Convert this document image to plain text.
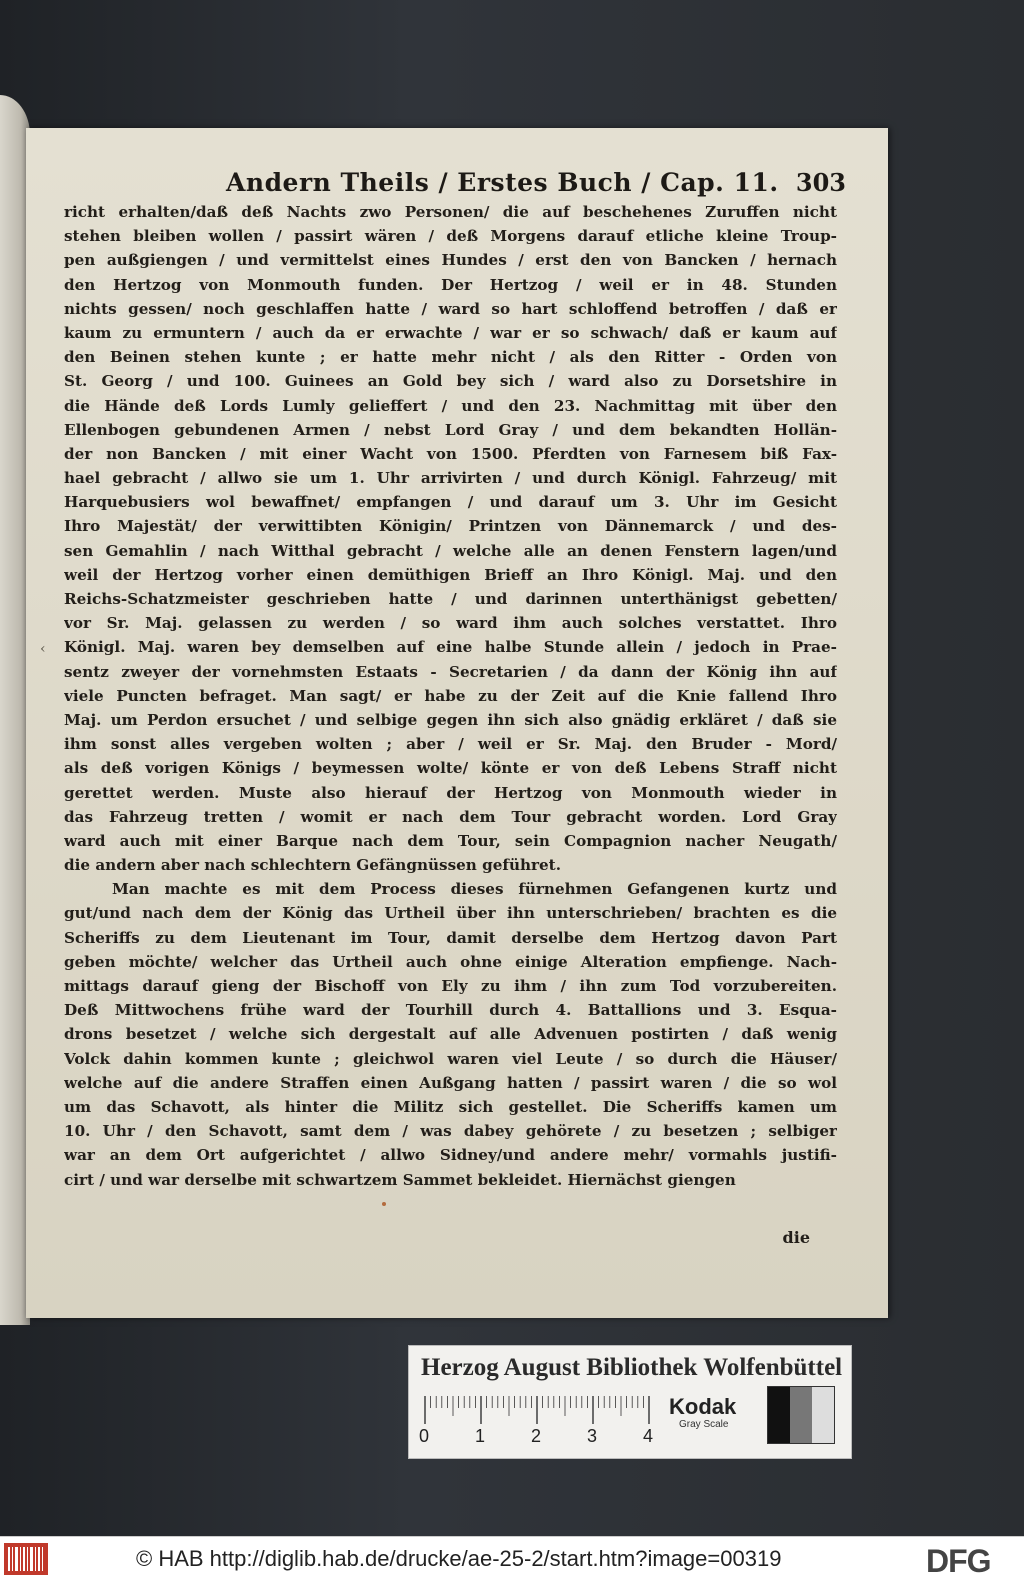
Andern Theils / Erstes Buch / Cap. 11. 303
‹
richt erhalten/daß deß Nachts zwo Personen/ die auf beschehenes Zuruffen nicht
stehen bleiben wollen / passirt wären / deß Morgens darauf etliche kleine Troup-
pen außgiengen / und vermittelst eines Hundes / erst den von Bancken / hernach
den Hertzog von Monmouth funden. Der Hertzog / weil er in 48. Stunden
nichts gessen/ noch geschlaffen hatte / ward so hart schloffend betroffen / daß er
kaum zu ermuntern / auch da er erwachte / war er so schwach/ daß er kaum auf
den Beinen stehen kunte ; er hatte mehr nicht / als den Ritter - Orden von
St. Georg / und 100. Guinees an Gold bey sich / ward also zu Dorsetshire in
die Hände deß Lords Lumly gelieffert / und den 23. Nachmittag mit über den
Ellenbogen gebundenen Armen / nebst Lord Gray / und dem bekandten Hollän-
der non Bancken / mit einer Wacht von 1500. Pferdten von Farnesem biß Fax-
hael gebracht / allwo sie um 1. Uhr arrivirten / und durch Königl. Fahrzeug/ mit
Harquebusiers wol bewaffnet/ empfangen / und darauf um 3. Uhr im Gesicht
Ihro Majestät/ der verwittibten Königin/ Printzen von Dännemarck / und des-
sen Gemahlin / nach Witthal gebracht / welche alle an denen Fenstern lagen/und
weil der Hertzog vorher einen demüthigen Brieff an Ihro Königl. Maj. und den
Reichs-Schatzmeister geschrieben hatte / und darinnen unterthänigst gebetten/
vor Sr. Maj. gelassen zu werden / so ward ihm auch solches verstattet. Ihro
Königl. Maj. waren bey demselben auf eine halbe Stunde allein / jedoch in Prae-
sentz zweyer der vornehmsten Estaats - Secretarien / da dann der König ihn auf
viele Puncten befraget. Man sagt/ er habe zu der Zeit auf die Knie fallend Ihro
Maj. um Perdon ersuchet / und selbige gegen ihn sich also gnädig erkläret / daß sie
ihm sonst alles vergeben wolten ; aber / weil er Sr. Maj. den Bruder - Mord/
als deß vorigen Königs / beymessen wolte/ könte er von deß Lebens Straff nicht
gerettet werden. Muste also hierauf der Hertzog von Monmouth wieder in
das Fahrzeug tretten / womit er nach dem Tour gebracht worden. Lord Gray
ward auch mit einer Barque nach dem Tour, sein Compagnion nacher Neugath/
die andern aber nach schlechtern Gefängnüssen geführet.
Man machte es mit dem Process dieses fürnehmen Gefangenen kurtz und
gut/und nach dem der König das Urtheil über ihn unterschrieben/ brachten es die
Scheriffs zu dem Lieutenant im Tour, damit derselbe dem Hertzog davon Part
geben möchte/ welcher das Urtheil auch ohne einige Alteration empfienge. Nach-
mittags darauf gieng der Bischoff von Ely zu ihm / ihn zum Tod vorzubereiten.
Deß Mittwochens frühe ward der Tourhill durch 4. Battallions und 3. Esqua-
drons besetzet / welche sich dergestalt auf alle Advenuen postirten / daß wenig
Volck dahin kommen kunte ; gleichwol waren viel Leute / so durch die Häuser/
welche auf die andere Straffen einen Außgang hatten / passirt waren / die so wol
um das Schavott, als hinter die Militz sich gestellet. Die Scheriffs kamen um
10. Uhr / den Schavott, samt dem / was dabey gehörete / zu besetzen ; selbiger
war an dem Ort aufgerichtet / allwo Sidney/und andere mehr/ vormahls justifi-
cirt / und war derselbe mit schwartzem Sammet bekleidet. Hiernächst giengen
die
Herzog August Bibliothek Wolfenbüttel
0	1	2	3	4
Kodak
Gray Scale
© HAB http://diglib.hab.de/drucke/ae-25-2/start.htm?image=00319	DFG
